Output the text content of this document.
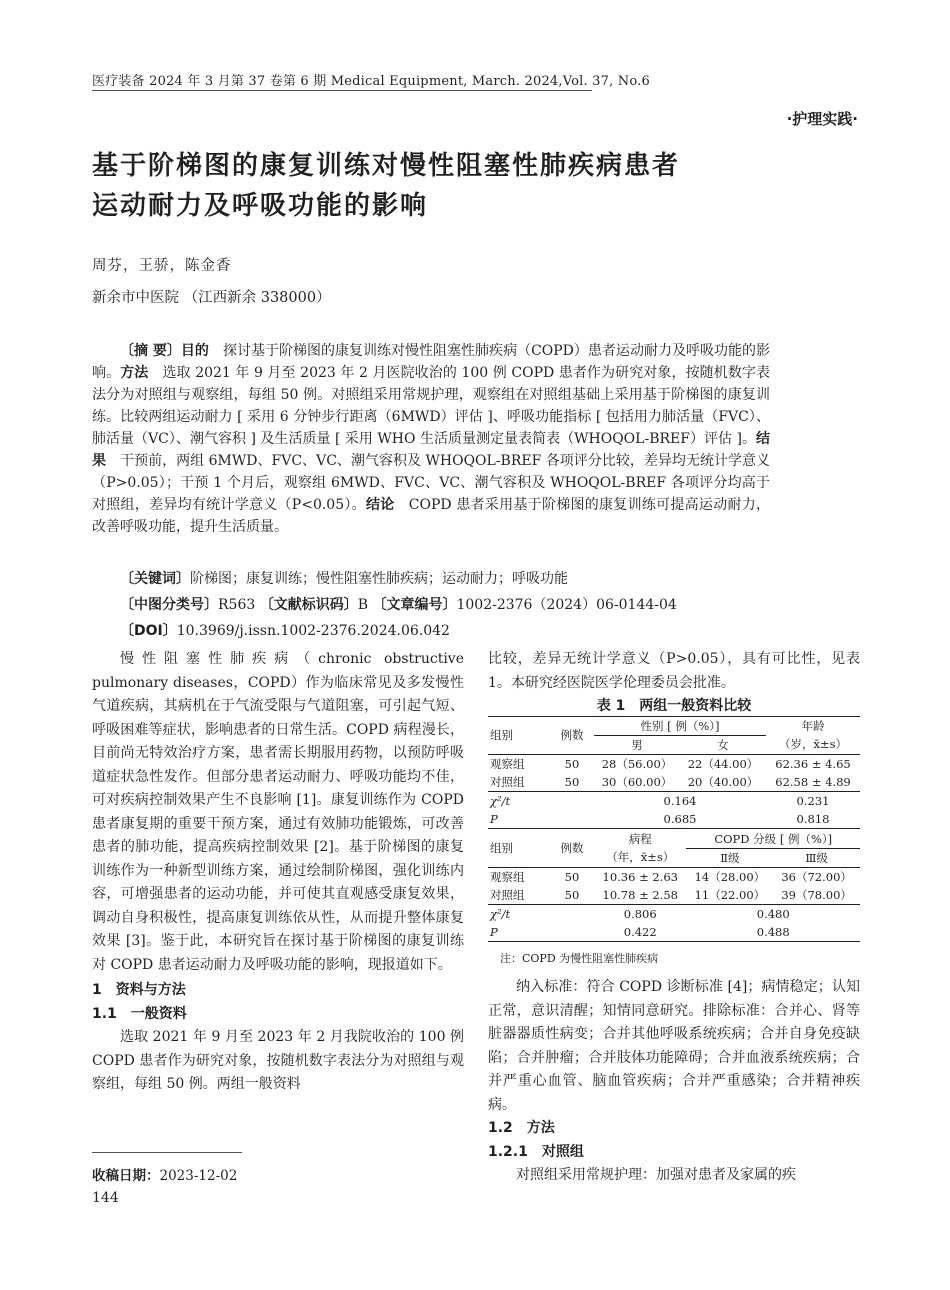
医疗装备 2024 年 3 月第 37 卷第 6 期 Medical Equipment, March. 2024,Vol. 37, No.6
·护理实践·
基于阶梯图的康复训练对慢性阻塞性肺疾病患者
运动耐力及呼吸功能的影响
周芬，王骄，陈金香
新余市中医院 （江西新余 338000）

〔摘 要〕目的　 探讨基于阶梯图的康复训练对慢性阻塞性肺疾病（COPD）患者运动耐力及呼吸功能的影响。方法　 选取 2021 年 9 月至 2023 年 2 月医院收治的 100 例 COPD 患者作为研究对象，按随机数字表法分为对照组与观察组，每组 50 例。对照组采用常规护理，观察组在对照组基础上采用基于阶梯图的康复训练。比较两组运动耐力 [ 采用 6 分钟步行距离（6MWD）评估 ]、呼吸功能指标 [ 包括用力肺活量（FVC）、肺活量（VC）、潮气容积 ] 及生活质量 [ 采用 WHO 生活质量测定量表简表（WHOQOL-BREF）评估 ]。结果　 干预前，两组 6MWD、FVC、VC、潮气容积及 WHOQOL-BREF 各项评分比较，差异均无统计学意义（P>0.05）；干预 1 个月后，观察组 6MWD、FVC、VC、潮气容积及 WHOQOL-BREF 各项评分均高于对照组，差异均有统计学意义（P<0.05）。结论　 COPD 患者采用基于阶梯图的康复训练可提高运动耐力，改善呼吸功能，提升生活质量。

〔关键词〕阶梯图；康复训练；慢性阻塞性肺疾病；运动耐力；呼吸功能
〔中图分类号〕R563 〔文献标识码〕B 〔文章编号〕1002-2376（2024）06-0144-04
〔DOI〕10.3969/j.issn.1002-2376.2024.06.042

慢性阻塞性肺疾病（chronic obstructive pulmonary diseases，COPD）作为临床常见及多发慢性气道疾病，其病机在于气流受限与气道阻塞，可引起气短、呼吸困难等症状，影响患者的日常生活。COPD 病程漫长，目前尚无特效治疗方案，患者需长期服用药物，以预防呼吸道症状急性发作。但部分患者运动耐力、呼吸功能均不佳，可对疾病控制效果产生不良影响 [1]。康复训练作为 COPD 患者康复期的重要干预方案，通过有效肺功能锻炼，可改善患者的肺功能，提高疾病控制效果 [2]。基于阶梯图的康复训练作为一种新型训练方案，通过绘制阶梯图，强化训练内容，可增强患者的运动功能，并可使其直观感受康复效果，调动自身积极性，提高康复训练依从性，从而提升整体康复效果 [3]。鉴于此，本研究旨在探讨基于阶梯图的康复训练对 COPD 患者运动耐力及呼吸功能的影响，现报道如下。

1　资料与方法

1.1　一般资料

选取 2021 年 9 月至 2023 年 2 月我院收治的 100 例 COPD 患者作为研究对象，按随机数字表法分为对照组与观察组，每组 50 例。两组一般资料

收稿日期：2023-12-02
144

比较，差异无统计学意义（P>0.05），具有可比性，见表 1。本研究经医院医学伦理委员会批准。

表 1　两组一般资料比较
组别	例数	性别 [ 例（%）]		年龄
		男	女	（岁，x̄±s）
观察组	50	28（56.00）	22（44.00）	62.36 ± 4.65
对照组	50	30（60.00）	20（40.00）	62.58 ± 4.89
χ²/t		0.164		0.231
P		0.685		0.818
组别	例数	病程	COPD 分级 [ 例（%）]	
		（年，x̄±s）	Ⅱ级	Ⅲ级
观察组	50	10.36 ± 2.63	14（28.00）	36（72.00）
对照组	50	10.78 ± 2.58	11（22.00）	39（78.00）
χ²/t		0.806	0.480	
P		0.422	0.488	
注：COPD 为慢性阻塞性肺疾病

纳入标准：符合 COPD 诊断标准 [4]；病情稳定；认知正常，意识清醒；知情同意研究。排除标准：合并心、肾等脏器器质性病变；合并其他呼吸系统疾病；合并自身免疫缺陷；合并肿瘤；合并肢体功能障碍；合并血液系统疾病；合并严重心血管、脑血管疾病；合并严重感染；合并精神疾病。

1.2　方法

1.2.1　对照组

对照组采用常规护理：加强对患者及家属的疾
